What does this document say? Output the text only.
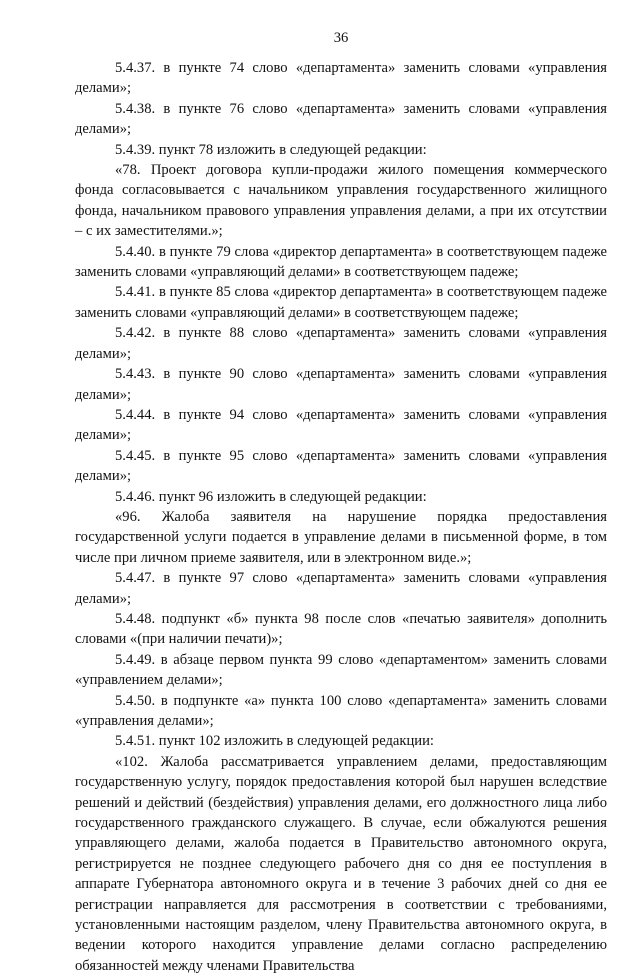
36

5.4.37. в пункте 74 слово «департамента» заменить словами «управления делами»;

5.4.38. в пункте 76 слово «департамента» заменить словами «управления делами»;

5.4.39. пункт 78 изложить в следующей редакции:

«78. Проект договора купли-продажи жилого помещения коммерческого фонда согласовывается с начальником управления государственного жилищного фонда, начальником правового управления управления делами, а при их отсутствии – с их заместителями.»;

5.4.40. в пункте 79 слова «директор департамента» в соответствующем падеже заменить словами «управляющий делами» в соответствующем падеже;

5.4.41. в пункте 85 слова «директор департамента» в соответствующем падеже заменить словами «управляющий делами» в соответствующем падеже;

5.4.42. в пункте 88 слово «департамента» заменить словами «управления делами»;

5.4.43. в пункте 90 слово «департамента» заменить словами «управления делами»;

5.4.44. в пункте 94 слово «департамента» заменить словами «управления делами»;

5.4.45. в пункте 95 слово «департамента» заменить словами «управления делами»;

5.4.46. пункт 96 изложить в следующей редакции:

«96. Жалоба заявителя на нарушение порядка предоставления государственной услуги подается в управление делами в письменной форме, в том числе при личном приеме заявителя, или в электронном виде.»;

5.4.47. в пункте 97 слово «департамента» заменить словами «управления делами»;

5.4.48. подпункт «б» пункта 98 после слов «печатью заявителя» дополнить словами «(при наличии печати)»;

5.4.49. в абзаце первом пункта 99 слово «департаментом» заменить словами «управлением делами»;

5.4.50. в подпункте «а» пункта 100 слово «департамента» заменить словами «управления делами»;

5.4.51. пункт 102 изложить в следующей редакции:

«102. Жалоба рассматривается управлением делами, предоставляющим государственную услугу, порядок предоставления которой был нарушен вследствие решений и действий (бездействия) управления делами, его должностного лица либо государственного гражданского служащего. В случае, если обжалуются решения управляющего делами, жалоба подается в Правительство автономного округа, регистрируется не позднее следующего рабочего дня со дня ее поступления в аппарате Губернатора автономного округа и в течение 3 рабочих дней со дня ее регистрации направляется для рассмотрения в соответствии с требованиями, установленными настоящим разделом, члену Правительства автономного округа, в ведении которого находится управление делами согласно распределению обязанностей между членами Правительства
